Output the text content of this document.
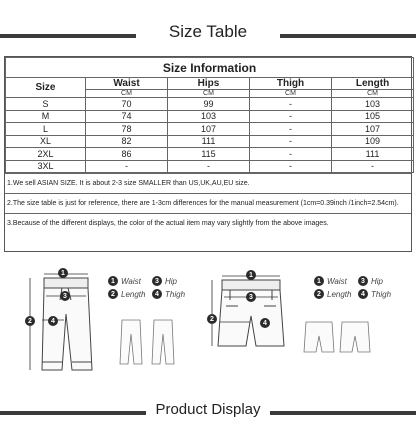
Size Table
Size Information				
Size	Waist	Hips	Thigh	Length
	CM	CM	CM	CM
S	70	99	-	103
M	74	103	-	105
L	78	107	-	107
XL	82	111	-	109
2XL	86	115	-	111
3XL	-	-	-	-
1.We sell ASIAN SIZE. It is about 2-3 size SMALLER than US,UK,AU,EU size.
2.The size table is just for reference, there are 1-3cm differences for the manual measurement (1cm=0.39inch /1inch=2.54cm).
3.Because of the different displays, the color of the actual item may vary slightly from the above images.
1
3
2	4
1 Waist	3 Hip
2 Length	4 Thigh
1
3
2
4
1 Waist	3 Hip
2 Length	4 Thigh
Product Display
